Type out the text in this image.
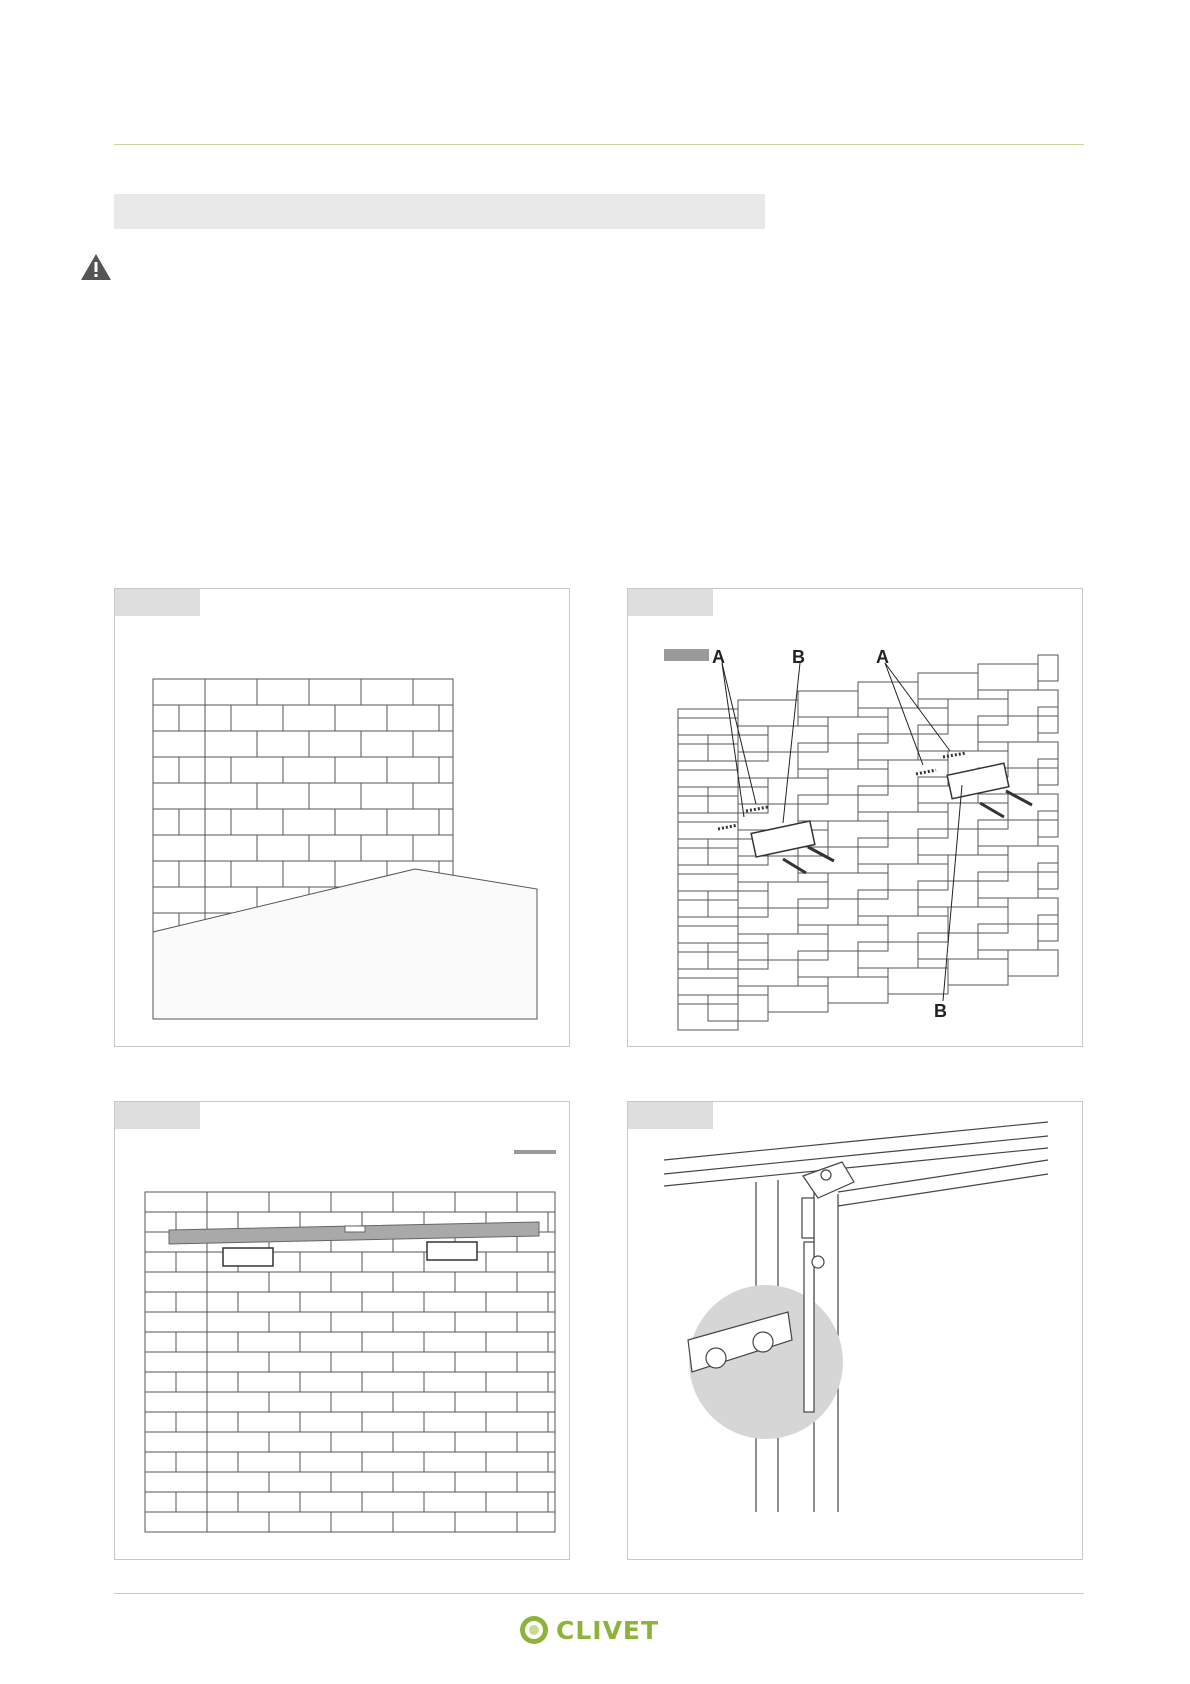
A	B	A
B
CLIVET
